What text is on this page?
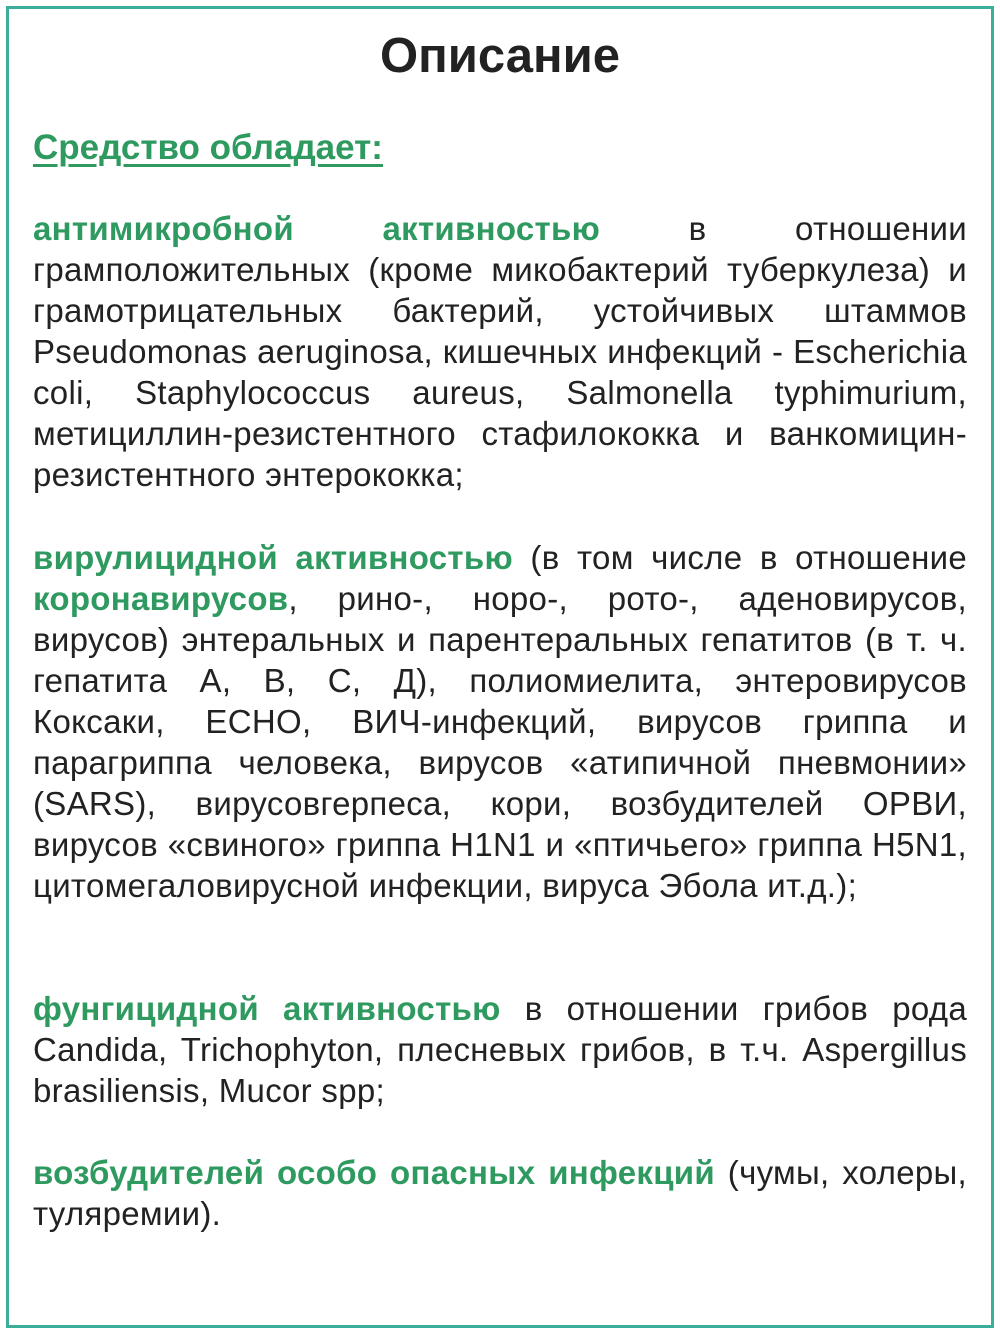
Описание
Средство обладает:

антимикробной активностью в отношении грамположительных (кроме микобактерий туберкулеза) и грамотрицательных бактерий, устойчивых штаммов Pseudomonas aeruginosa, кишечных инфекций - Escherichia coli, Staphylococcus aureus, Salmonella typhimurium, метициллин-резистентного стафилококка и ванкомицин-резистентного энтерококка;

вирулицидной активностью (в том числе в отношение коронавирусов, рино-, норо-, рото-, аденовирусов, вирусов) энтеральных и парентеральных гепатитов (в т. ч. гепатита А, В, С, Д), полиомиелита, энтеровирусов Коксаки, ЕСНО, ВИЧ-инфекций, вирусов гриппа и парагриппа человека, вирусов «атипичной пневмонии» (SARS), вирусовгерпеса, кори, возбудителей ОРВИ, вирусов «свиного» гриппа H1N1 и «птичьего» гриппа H5N1, цитомегаловирусной инфекции, вируса Эбола ит.д.);

фунгицидной активностью в отношении грибов рода Candida, Trichophyton, плесневых грибов, в т.ч. Aspergillus brasiliensis, Mucor spp;

возбудителей особо опасных инфекций (чумы, холеры, туляремии).
